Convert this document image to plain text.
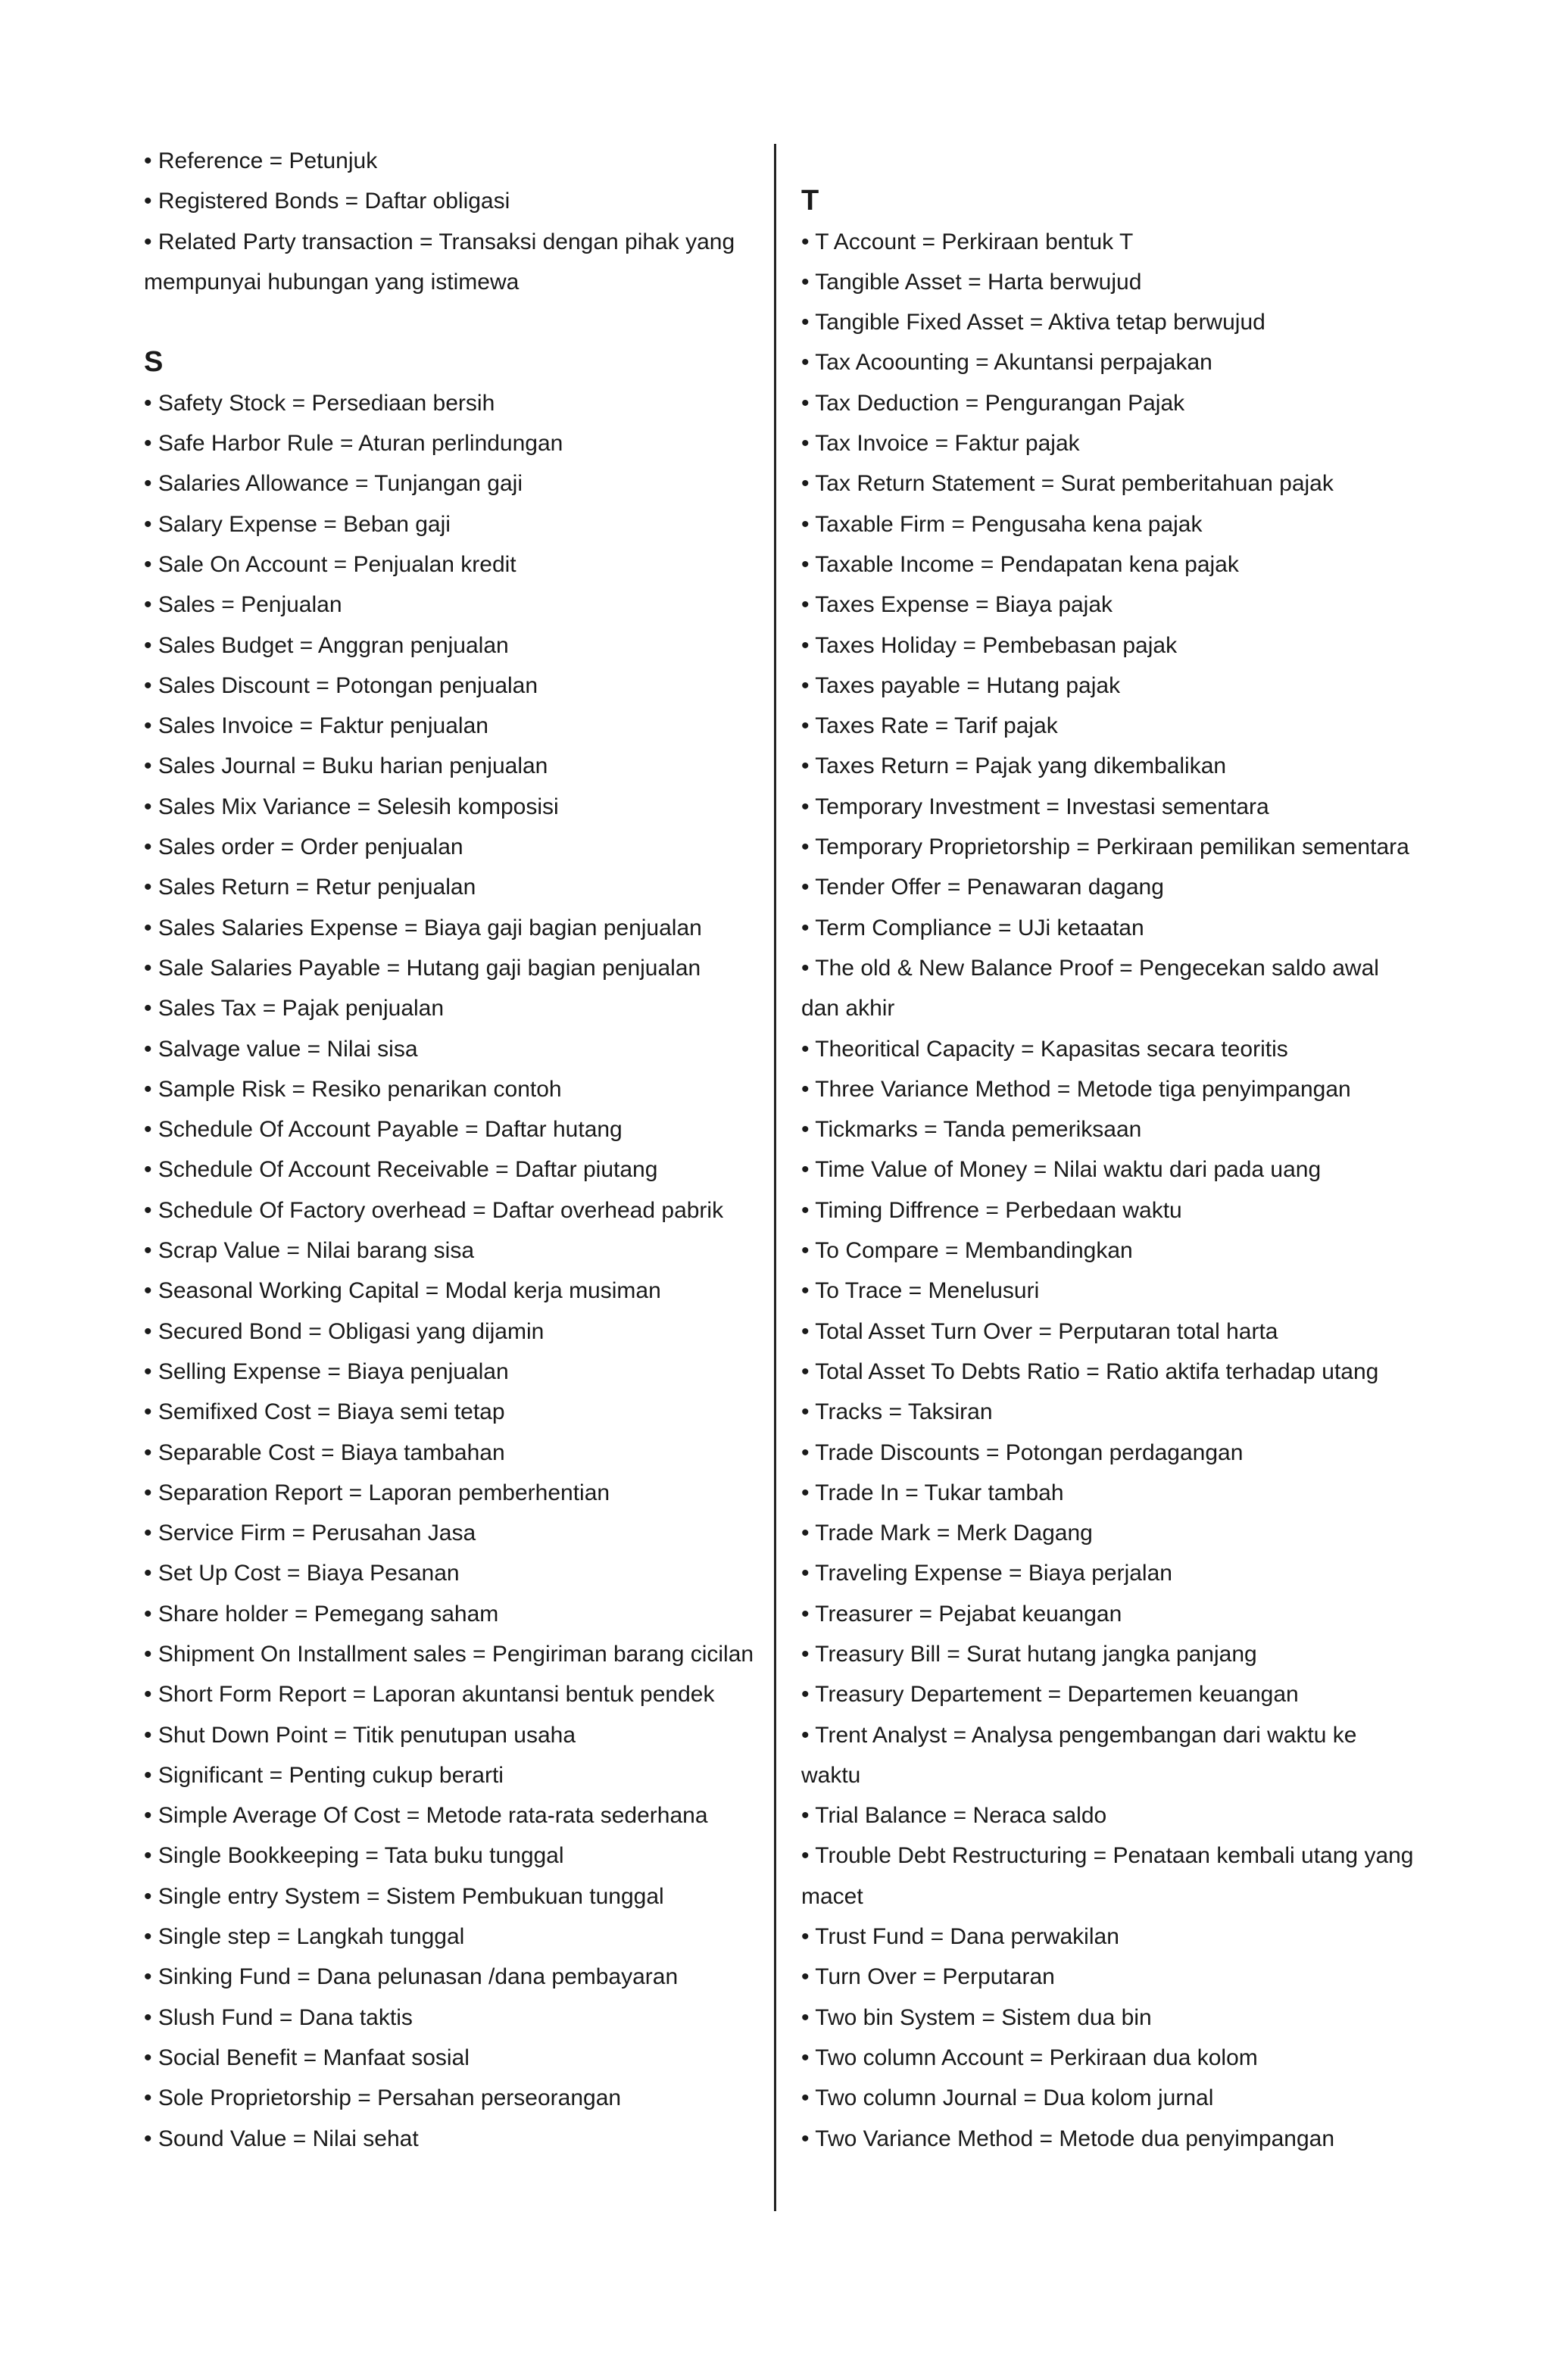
• Reference = Petunjuk

• Registered Bonds = Daftar obligasi

• Related Party transaction = Transaksi dengan pihak yang mempunyai hubungan yang istimewa

S

• Safety Stock = Persediaan bersih

• Safe Harbor Rule = Aturan perlindungan

• Salaries Allowance = Tunjangan gaji

• Salary Expense = Beban gaji

• Sale On Account = Penjualan kredit

• Sales = Penjualan

• Sales Budget = Anggran penjualan

• Sales Discount = Potongan penjualan

• Sales Invoice = Faktur penjualan

• Sales Journal = Buku harian penjualan

• Sales Mix Variance = Selesih komposisi

• Sales order = Order penjualan

• Sales Return = Retur penjualan

• Sales Salaries Expense = Biaya gaji bagian penjualan

• Sale Salaries Payable = Hutang gaji bagian penjualan

• Sales Tax = Pajak penjualan

• Salvage value = Nilai sisa

• Sample Risk = Resiko penarikan contoh

• Schedule Of Account Payable = Daftar hutang

• Schedule Of Account Receivable = Daftar piutang

• Schedule Of Factory overhead = Daftar overhead pabrik

• Scrap Value = Nilai barang sisa

• Seasonal Working Capital = Modal kerja musiman

• Secured Bond = Obligasi yang dijamin

• Selling Expense = Biaya penjualan

• Semifixed Cost = Biaya semi tetap

• Separable Cost = Biaya tambahan

• Separation Report = Laporan pemberhentian

• Service Firm = Perusahan Jasa

• Set Up Cost = Biaya Pesanan

• Share holder = Pemegang saham

• Shipment On Installment sales = Pengiriman barang cicilan

• Short Form Report = Laporan akuntansi bentuk pendek

• Shut Down Point = Titik penutupan usaha

• Significant = Penting cukup berarti

• Simple Average Of Cost = Metode rata-rata sederhana

• Single Bookkeeping = Tata buku tunggal

• Single entry System = Sistem Pembukuan tunggal

• Single step = Langkah tunggal

• Sinking Fund = Dana pelunasan /dana pembayaran

• Slush Fund = Dana taktis

• Social Benefit = Manfaat sosial

• Sole Proprietorship = Persahan perseorangan

• Sound Value = Nilai sehat

T

• T Account = Perkiraan bentuk T

• Tangible Asset = Harta berwujud

• Tangible Fixed Asset = Aktiva tetap berwujud

• Tax Acoounting = Akuntansi perpajakan

• Tax Deduction = Pengurangan Pajak

• Tax Invoice = Faktur pajak

• Tax Return Statement = Surat pemberitahuan pajak

• Taxable Firm = Pengusaha kena pajak

• Taxable Income = Pendapatan kena pajak

• Taxes Expense = Biaya pajak

• Taxes Holiday = Pembebasan pajak

• Taxes payable = Hutang pajak

• Taxes Rate = Tarif pajak

• Taxes Return = Pajak yang dikembalikan

• Temporary Investment = Investasi sementara

• Temporary Proprietorship = Perkiraan pemilikan sementara

• Tender Offer = Penawaran dagang

• Term Compliance = UJi ketaatan

• The old & New Balance Proof = Pengecekan saldo awal dan akhir

• Theoritical Capacity = Kapasitas secara teoritis

• Three Variance Method = Metode tiga penyimpangan

• Tickmarks = Tanda pemeriksaan

• Time Value of Money = Nilai waktu dari pada uang

• Timing Diffrence = Perbedaan waktu

• To Compare = Membandingkan

• To Trace = Menelusuri

• Total Asset Turn Over = Perputaran total harta

• Total Asset To Debts Ratio = Ratio aktifa terhadap utang

• Tracks = Taksiran

• Trade Discounts = Potongan perdagangan

• Trade In = Tukar tambah

• Trade Mark = Merk Dagang

• Traveling Expense = Biaya perjalan

• Treasurer = Pejabat keuangan

• Treasury Bill = Surat hutang jangka panjang

• Treasury Departement = Departemen keuangan

• Trent Analyst = Analysa pengembangan dari waktu ke waktu

• Trial Balance = Neraca saldo

• Trouble Debt Restructuring = Penataan kembali utang yang macet

• Trust Fund = Dana perwakilan

• Turn Over = Perputaran

• Two bin System = Sistem dua bin

• Two column Account = Perkiraan dua kolom

• Two column Journal = Dua kolom jurnal

• Two Variance Method = Metode dua penyimpangan
